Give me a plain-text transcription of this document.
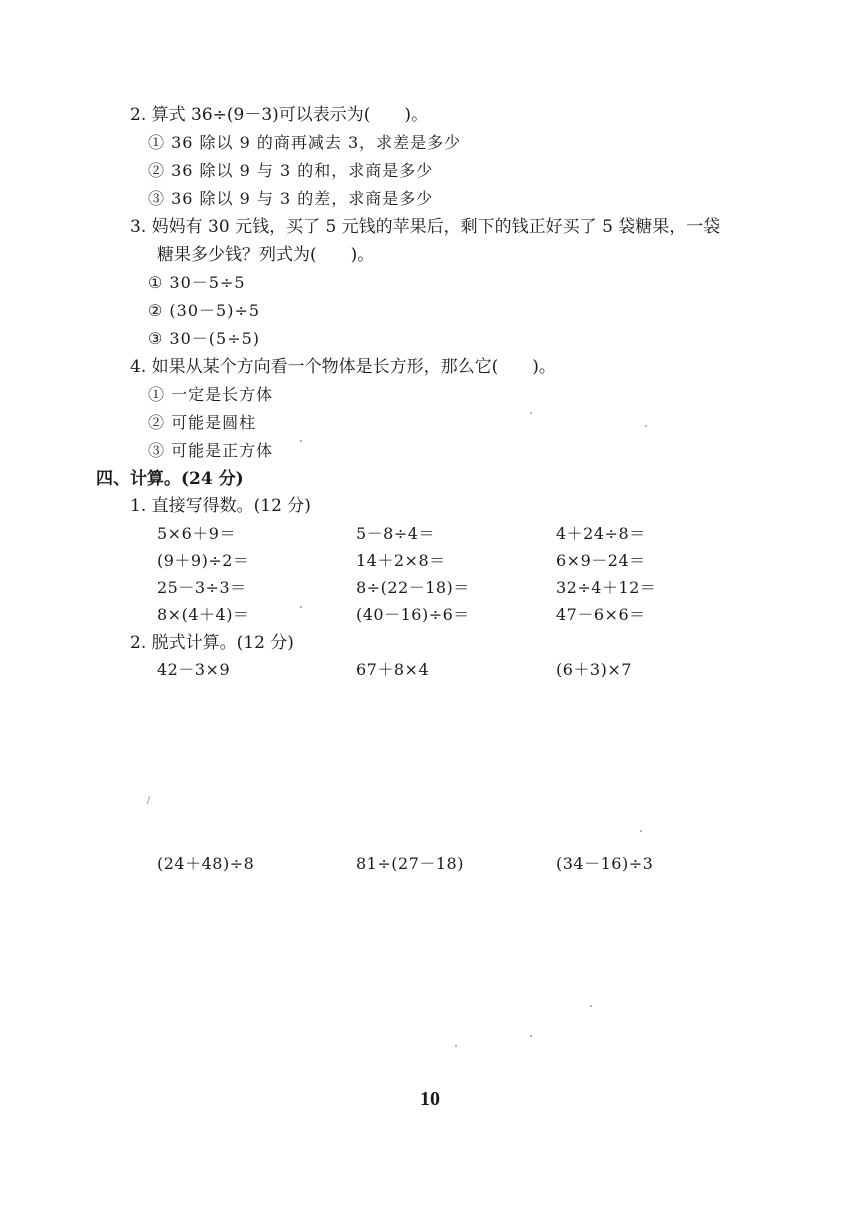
2. 算式 36÷(9－3)可以表示为(　　)。
① 36 除以 9 的商再减去 3，求差是多少
② 36 除以 9 与 3 的和，求商是多少
③ 36 除以 9 与 3 的差，求商是多少
3. 妈妈有 30 元钱，买了 5 元钱的苹果后，剩下的钱正好买了 5 袋糖果，一袋
糖果多少钱？列式为(　　)。
① 30－5÷5
② (30－5)÷5
③ 30－(5÷5)
4. 如果从某个方向看一个物体是长方形，那么它(　　)。
① 一定是长方体
② 可能是圆柱
③ 可能是正方体
四、计算。(24 分)
1. 直接写得数。(12 分)
5×6＋9＝	5－8÷4＝	4＋24÷8＝
(9＋9)÷2＝	14＋2×8＝	6×9－24＝
25－3÷3＝	8÷(22－18)＝	32÷4＋12＝
8×(4＋4)＝	(40－16)÷6＝	47－6×6＝
2. 脱式计算。(12 分)
42－3×9	67＋8×4	(6＋3)×7
(24＋48)÷8	81÷(27－18)	(34－16)÷3
10
